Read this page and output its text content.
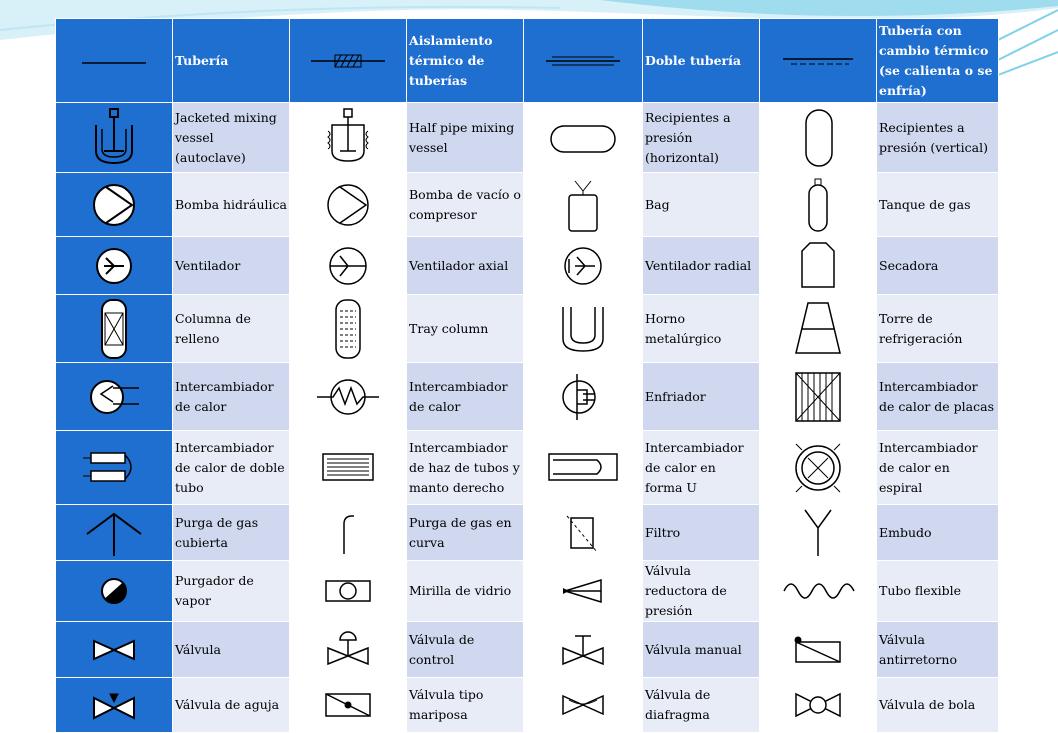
	Tubería		Aislamiento térmico de tuberías		Doble tubería		Tubería con cambio térmico (se calienta o se enfría)

	Jacketed mixing vessel (autoclave)		Half pipe mixing vessel		Recipientes a presión (horizontal)		Recipientes a presión (vertical)

	Bomba hidráulica		Bomba de vacío o compresor		Bag		Tanque de gas

	Ventilador		Ventilador axial		Ventilador radial		Secadora

	Columna de relleno		Tray column		Horno metalúrgico		Torre de refrigeración

	Intercambiador de calor		Intercambiador de calor		Enfriador		Intercambiador de calor de placas

	Intercambiador de calor de doble tubo		Intercambiador de haz de tubos y manto derecho		Intercambiador de calor en forma U		Intercambiador de calor en espiral

	Purga de gas cubierta		Purga de gas en curva		Filtro		Embudo

	Purgador de vapor		Mirilla de vidrio		Válvula reductora de presión		Tubo flexible

	Válvula		Válvula de control		Válvula manual		Válvula antirretorno

	Válvula de aguja		Válvula tipo mariposa		Válvula de diafragma		Válvula de bola
